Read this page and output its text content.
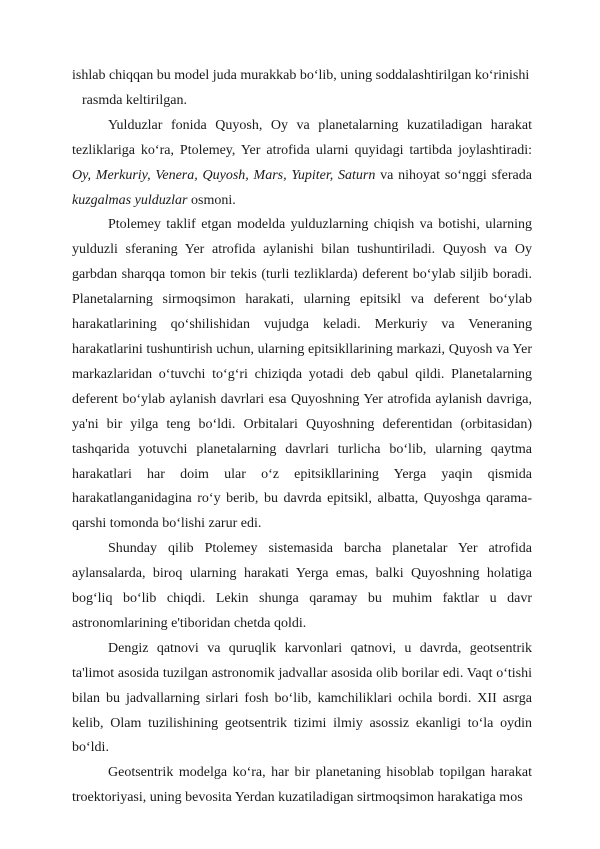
ishlab chiqqan bu model juda murakkab boʻlib, uning soddalashtirilgan koʻrinishi

rasmda keltirilgan.

Yulduzlar fonida Quyosh, Oy va planetalarning kuzatiladigan harakat tezliklariga koʻra, Ptolemey, Yer atrofida ularni quyidagi tartibda joylashtiradi: Oy, Merkuriy, Venera, Quyosh, Mars, Yupiter, Saturn va nihoyat soʻnggi sferada kuzgalmas yulduzlar osmoni.

Ptolemey taklif etgan modelda yulduzlarning chiqish va botishi, ularning yulduzli sferaning Yer atrofida aylanishi bilan tushuntiriladi. Quyosh va Oy garbdan sharqqa tomon bir tekis (turli tezliklarda) deferent boʻylab siljib boradi. Planetalarning sirmoqsimon harakati, ularning epitsikl va deferent boʻylab harakatlarining qoʻshilishidan vujudga keladi. Merkuriy va Veneraning harakatlarini tushuntirish uchun, ularning epitsikllarining markazi, Quyosh va Yer markazlaridan oʻtuvchi toʻgʻri chiziqda yotadi deb qabul qildi. Planetalarning deferent boʻylab aylanish davrlari esa Quyoshning Yer atrofida aylanish davriga, ya'ni bir yilga teng boʻldi. Orbitalari Quyoshning deferentidan (orbitasidan) tashqarida yotuvchi planetalarning davrlari turlicha boʻlib, ularning qaytma harakatlari har doim ular oʻz epitsikllarining Yerga yaqin qismida harakatlanganidagina roʻy berib, bu davrda epitsikl, albatta, Quyoshga qarama-qarshi tomonda boʻlishi zarur edi.

Shunday qilib Ptolemey sistemasida barcha planetalar Yer atrofida aylansalarda, biroq ularning harakati Yerga emas, balki Quyoshning holatiga bogʻliq boʻlib chiqdi. Lekin shunga qaramay bu muhim faktlar u davr astronomlarining e'tiboridan chetda qoldi.

Dengiz qatnovi va quruqlik karvonlari qatnovi, u davrda, geotsentrik ta'limot asosida tuzilgan astronomik jadvallar asosida olib borilar edi. Vaqt oʻtishi bilan bu jadvallarning sirlari fosh boʻlib, kamchiliklari ochila bordi. XII asrga kelib, Olam tuzilishining geotsentrik tizimi ilmiy asossiz ekanligi toʻla oydin boʻldi.

Geotsentrik modelga koʻra, har bir planetaning hisoblab topilgan harakat troektoriyasi, uning bevosita Yerdan kuzatiladigan sirtmoqsimon harakatiga mos
